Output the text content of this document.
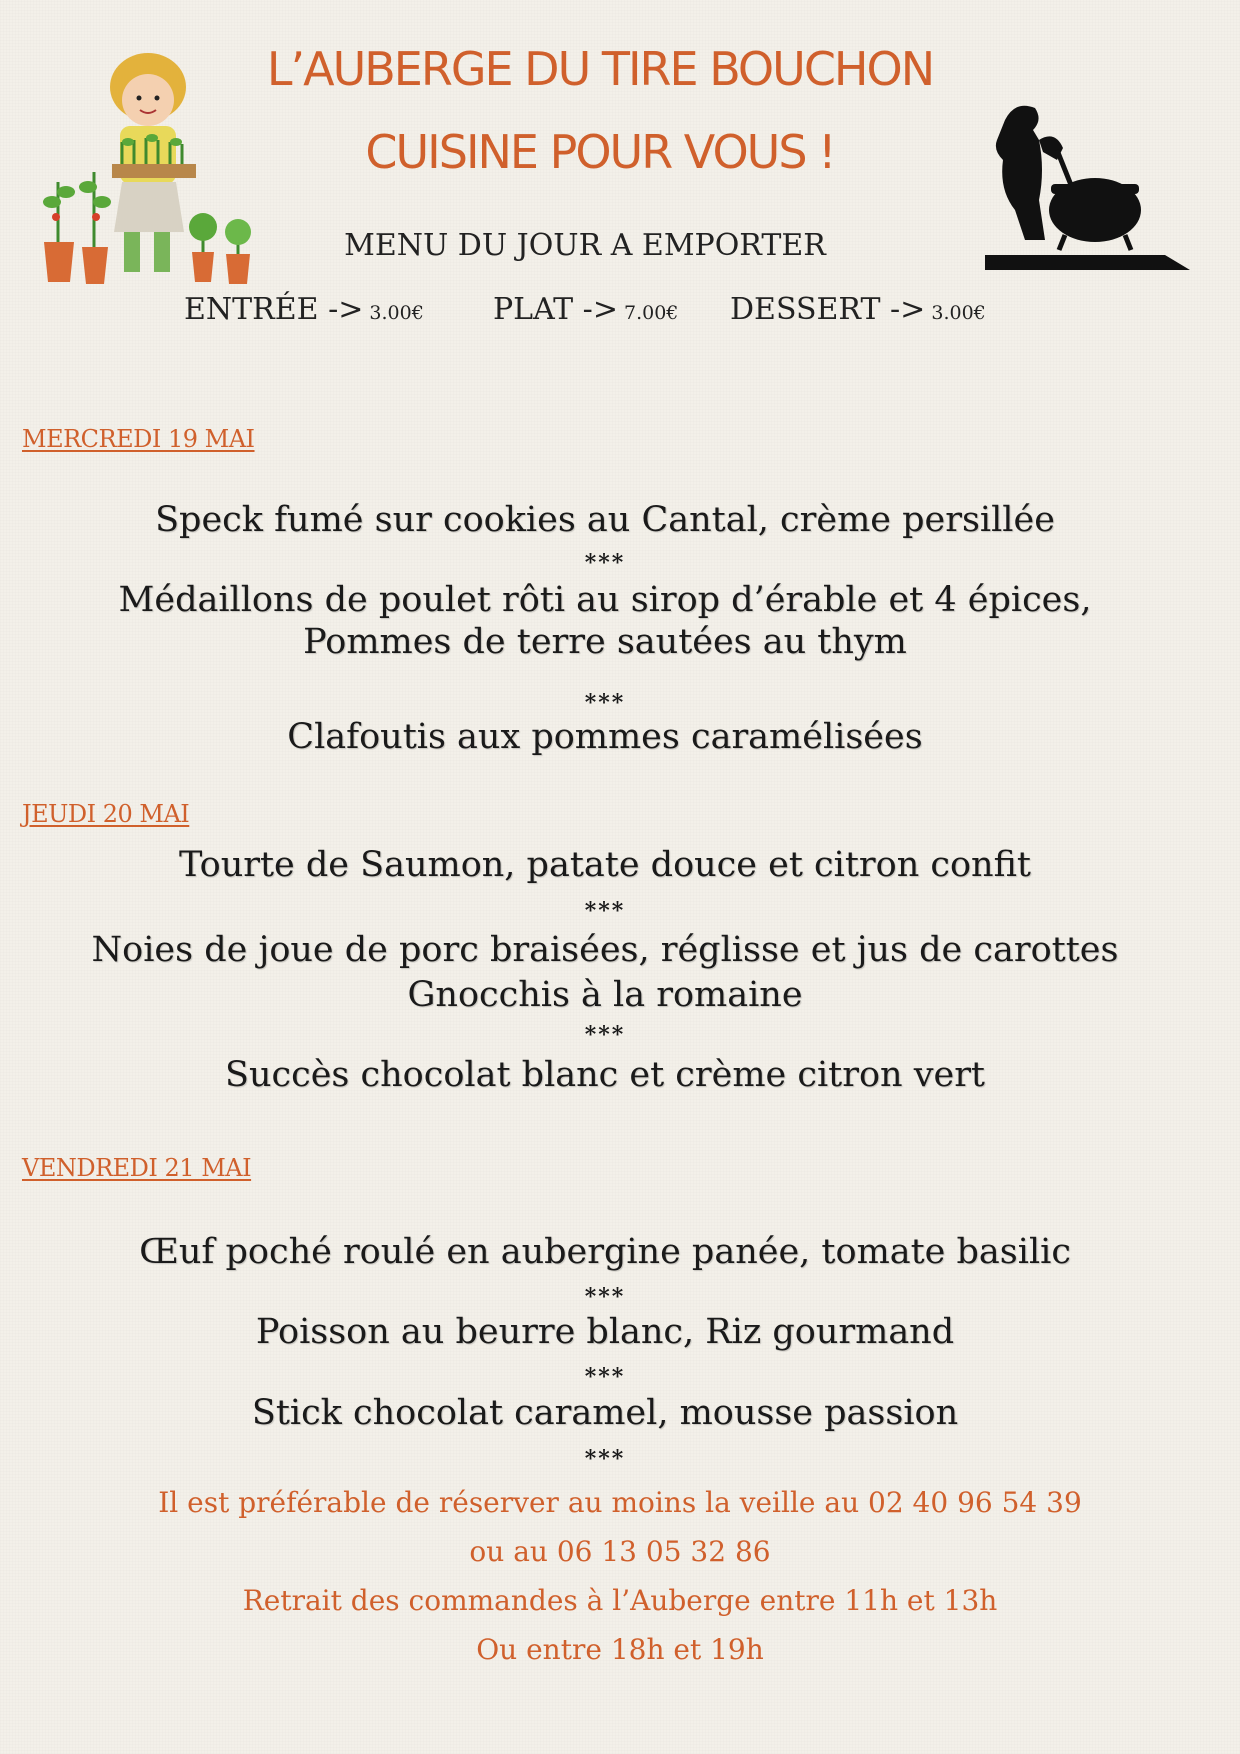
L’AUBERGE DU TIRE BOUCHON
CUISINE POUR VOUS !
MENU DU JOUR A EMPORTER
ENTRÉE -> 3.00€ PLAT -> 7.00€ DESSERT -> 3.00€
MERCREDI 19 MAI
Speck fumé sur cookies au Cantal, crème persillée
***
Médaillons de poulet rôti au sirop d’érable et 4 épices,
Pommes de terre sautées au thym
***
Clafoutis aux pommes caramélisées
JEUDI 20 MAI
Tourte de Saumon, patate douce et citron confit
***
Noies de joue de porc braisées, réglisse et jus de carottes
Gnocchis à la romaine
***
Succès chocolat blanc et crème citron vert
VENDREDI 21 MAI
Œuf poché roulé en aubergine panée, tomate basilic
***
Poisson au beurre blanc, Riz gourmand
***
Stick chocolat caramel, mousse passion
***
Il est préférable de réserver au moins la veille au 02 40 96 54 39
ou au 06 13 05 32 86
Retrait des commandes à l’Auberge entre 11h et 13h
Ou entre 18h et 19h
